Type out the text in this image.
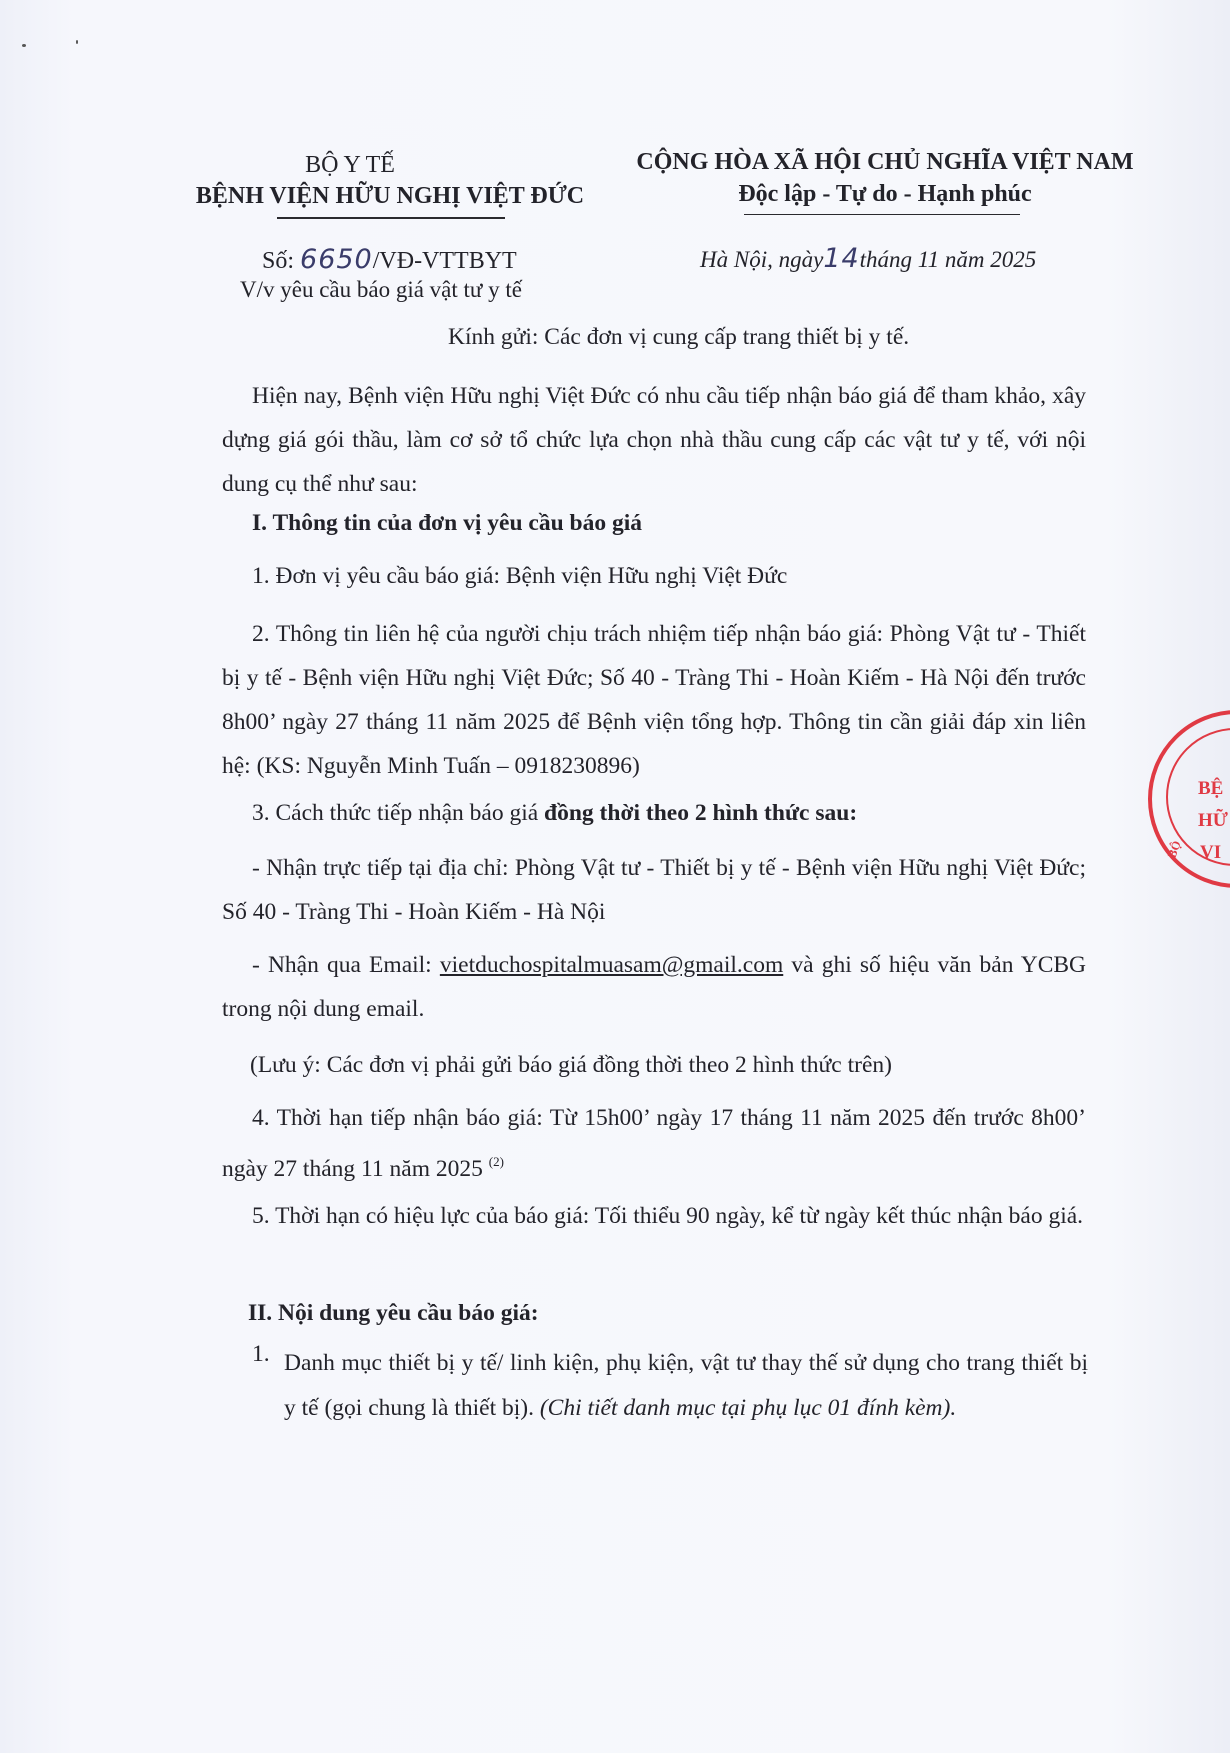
BỘ Y TẾ
BỆNH VIỆN HỮU NGHỊ VIỆT ĐỨC
Số: 6650/VĐ-VTTBYT
V/v yêu cầu báo giá vật tư y tế
CỘNG HÒA XÃ HỘI CHỦ NGHĨA VIỆT NAM
Độc lập - Tự do - Hạnh phúc
Hà Nội, ngày14tháng 11 năm 2025
Kính gửi: Các đơn vị cung cấp trang thiết bị y tế.
Hiện nay, Bệnh viện Hữu nghị Việt Đức có nhu cầu tiếp nhận báo giá để tham khảo, xây dựng giá gói thầu, làm cơ sở tổ chức lựa chọn nhà thầu cung cấp các vật tư y tế, với nội dung cụ thể như sau:
I. Thông tin của đơn vị yêu cầu báo giá
1. Đơn vị yêu cầu báo giá: Bệnh viện Hữu nghị Việt Đức
2. Thông tin liên hệ của người chịu trách nhiệm tiếp nhận báo giá: Phòng Vật tư - Thiết bị y tế - Bệnh viện Hữu nghị Việt Đức; Số 40 - Tràng Thi - Hoàn Kiếm - Hà Nội đến trước 8h00’ ngày 27 tháng 11 năm 2025 để Bệnh viện tổng hợp. Thông tin cần giải đáp xin liên hệ: (KS: Nguyễn Minh Tuấn – 0918230896)
3. Cách thức tiếp nhận báo giá đồng thời theo 2 hình thức sau:
- Nhận trực tiếp tại địa chỉ: Phòng Vật tư - Thiết bị y tế - Bệnh viện Hữu nghị Việt Đức; Số 40 - Tràng Thi - Hoàn Kiếm - Hà Nội
- Nhận qua Email: vietduchospitalmuasam@gmail.com và ghi số hiệu văn bản YCBG trong nội dung email.
(Lưu ý: Các đơn vị phải gửi báo giá đồng thời theo 2 hình thức trên)
4. Thời hạn tiếp nhận báo giá: Từ 15h00’ ngày 17 tháng 11 năm 2025 đến trước 8h00’ ngày 27 tháng 11 năm 2025 $^{(2)}$
5. Thời hạn có hiệu lực của báo giá: Tối thiểu 90 ngày, kể từ ngày kết thúc nhận báo giá.
II. Nội dung yêu cầu báo giá:
1. Danh mục thiết bị y tế/ linh kiện, phụ kiện, vật tư thay thế sử dụng cho trang thiết bị y tế (gọi chung là thiết bị). (Chi tiết danh mục tại phụ lục 01 đính kèm).
BỆ
HỮ
VI
BỘ
